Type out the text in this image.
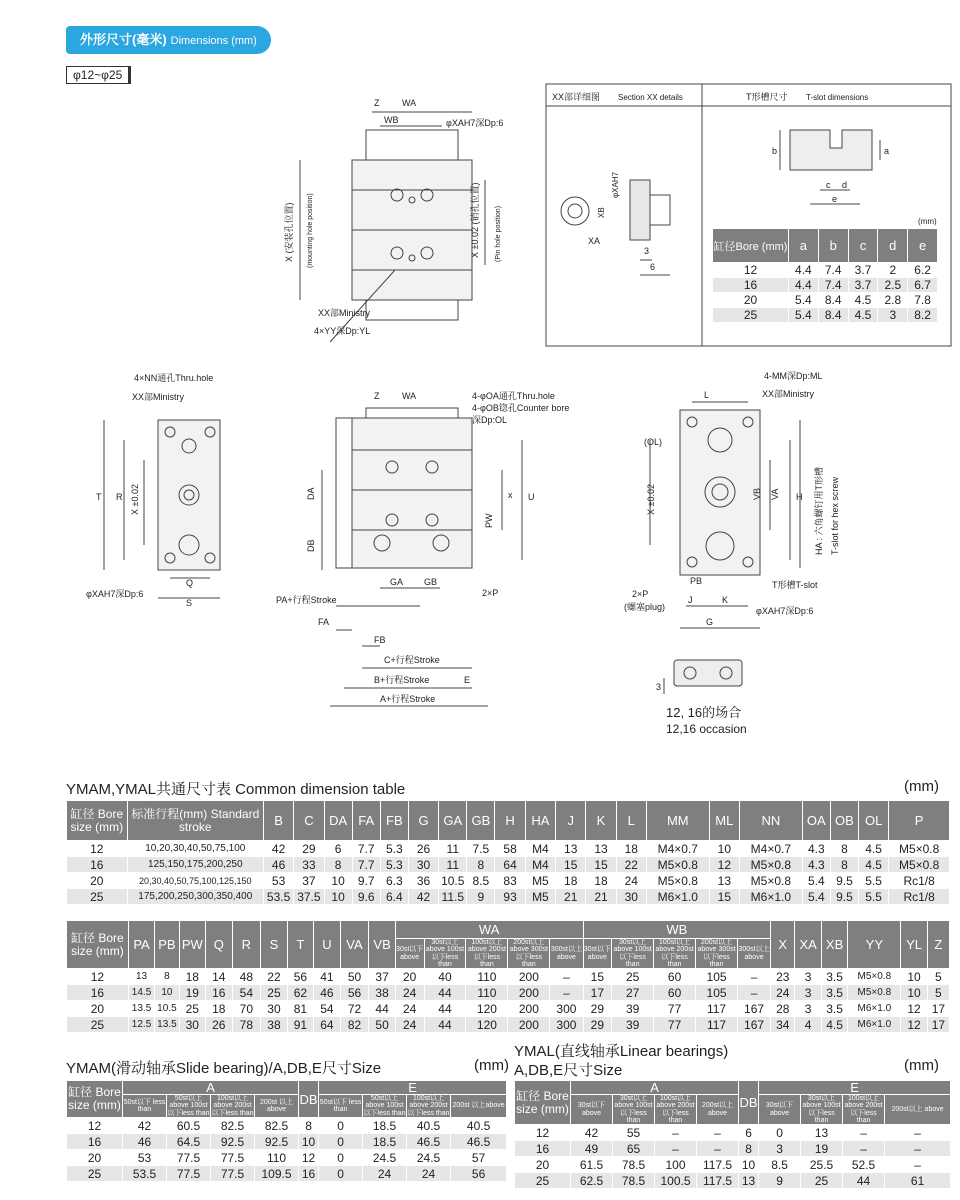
外形尺寸(毫米) Dimensions (mm)
φ12~φ25
Z	WA
WB	φXAH7深Dp:6
X (安装孔位置) (mounting hole position)	X ±0.02 (销孔位置) (Pin hole position)
XX部Ministry
4×YY深Dp:YL
XX部详细图 Section XX details
φXAH7
XB
XA
3
6
T形槽尺寸 T-slot dimensions
b	a
c d
e
(mm)
4×NN通孔Thru.hole
XX部Ministry
T R X ±0.02
φXAH7深Dp:6
Q
S
Z	WA	4-φOA通孔Thru.hole
4-φOB锪孔Counter bore
深Dp:OL
DA
DB
PW
x U
GA GB
2×P
PA+行程Stroke
FA
FB
C+行程Stroke
B+行程Stroke	E
A+行程Stroke
4-MM深Dp:ML
XX部Ministry
L
(OL)
X ±0.02	VB VA H HA : 六角螺钉用T形槽 T-slot for hex screw
PB	T形槽T-slot
2×P
(螺塞plug)
J	K
φXAH7深Dp:6
G
3
12, 16的场合
12,16 occasion
缸径Bore (mm)	a	b	c	d	e
12	4.4	7.4	3.7	2	6.2
16	4.4	7.4	3.7	2.5	6.7
20	5.4	8.4	4.5	2.8	7.8
25	5.4	8.4	4.5	3	8.2
YMAM,YMAL共通尺寸表 Common dimension table	(mm)
缸径 Bore size (mm)	标准行程(mm) Standard stroke	B	C	DA	FA	FB	G	GA	GB	H	HA	J	K	L	MM	ML	NN	OA	OB	OL	P
12	10,20,30,40,50,75,100	42	29	6	7.7	5.3	26	11	7.5	58	M4	13	13	18	M4×0.7	10	M4×0.7	4.3	8	4.5	M5×0.8
16	125,150,175,200,250	46	33	8	7.7	5.3	30	11	8	64	M4	15	15	22	M5×0.8	12	M5×0.8	4.3	8	4.5	M5×0.8
20	20,30,40,50,75,100,125,150	53	37	10	9.7	6.3	36	10.5	8.5	83	M5	18	18	24	M5×0.8	13	M5×0.8	5.4	9.5	5.5	Rc1/8
25	175,200,250,300,350,400	53.5	37.5	10	9.6	6.4	42	11.5	9	93	M5	21	21	30	M6×1.0	15	M6×1.0	5.4	9.5	5.5	Rc1/8
缸径 Bore size (mm)	PA	PB	PW	Q	R	S	T	U	VA	VB	WA					WB					X	XA	XB	YY	YL	Z
											30st以下 above	30st以上above 100st以下less than	100st以上above 200st以下less than	200st以上above 300st以下less than	300st以上 above	30st以下 above	30st以上above 100st以下less than	100st以上above 200st以下less than	200st以上above 300st以下less than	300st以上 above						
12	13	8	18	14	48	22	56	41	50	37	20	40	110	200	–	15	25	60	105	–	23	3	3.5	M5×0.8	10	5
16	14.5	10	19	16	54	25	62	46	56	38	24	44	110	200	–	17	27	60	105	–	24	3	3.5	M5×0.8	10	5
20	13.5	10.5	25	18	70	30	81	54	72	44	24	44	120	200	300	29	39	77	117	167	28	3	3.5	M6×1.0	12	17
25	12.5	13.5	30	26	78	38	91	64	82	50	24	44	120	200	300	29	39	77	117	167	34	4	4.5	M6×1.0	12	17
YMAM(滑动轴承Slide bearing)/A,DB,E尺寸Size	(mm)
缸径 Bore size (mm)	A				DB	E			
	50st以下 less than	50st以上above 100st以下less than	100st以上above 200st以下less than	200st 以上above		50st以下 less than	50st以上above 100st以下less than	100st以上above 200st以下less than	200st 以上above
12	42	60.5	82.5	82.5	8	0	18.5	40.5	40.5
16	46	64.5	92.5	92.5	10	0	18.5	46.5	46.5
20	53	77.5	77.5	110	12	0	24.5	24.5	57
25	53.5	77.5	77.5	109.5	16	0	24	24	56
YMAL(直线轴承Linear bearings)
A,DB,E尺寸Size	(mm)
缸径 Bore size (mm)	A				DB	E			
	30st以下 above	30st以上above 100st以下less than	100st以上above 200st以下less than	200st以上 above		30st以下 above	30st以上above 100st以下less than	100st以上above 200st以下less than	200st以上 above
12	42	55	–	–	6	0	13	–	–
16	49	65	–	–	8	3	19	–	–
20	61.5	78.5	100	117.5	10	8.5	25.5	52.5	–
25	62.5	78.5	100.5	117.5	13	9	25	44	61
